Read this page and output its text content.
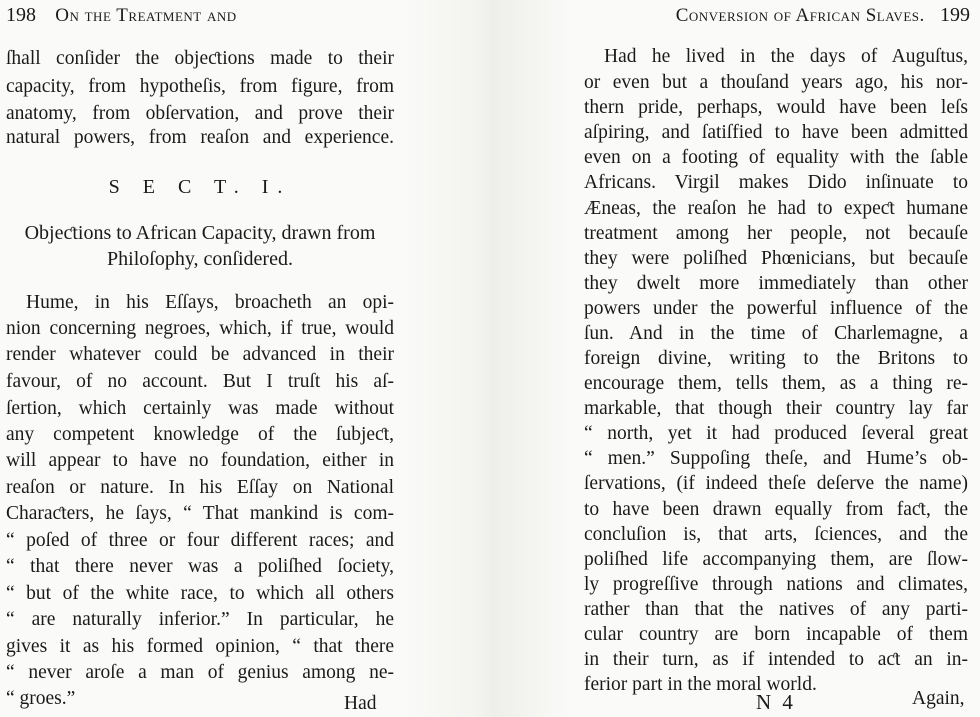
198 On the Treatment and
ſhall conſider the objeƈtions made to their
capacity, from hypotheſis, from figure, from
anatomy, from obſervation, and prove their
natural powers, from reaſon and experience.
S E C T. I.
Objeƈtions to African Capacity, drawn from
Philoſophy, conſidered.
Hume, in his Eſſays, broacheth an opi-
nion concerning negroes, which, if true, would
render whatever could be advanced in their
favour, of no account. But I truſt his aſ-
ſertion, which certainly was made without
any competent knowledge of the ſubjeƈt,
will appear to have no foundation, either in
reaſon or nature. In his Eſſay on National
Charaƈters, he ſays, “ That mankind is com-
“ poſed of three or four different races; and
“ that there never was a poliſhed ſociety,
“ but of the white race, to which all others
“ are naturally inferior.” In particular, he
gives it as his formed opinion, “ that there
“ never aroſe a man of genius among ne-
“ groes.”	Had
Conversion of African Slaves. 199
Had he lived in the days of Auguſtus,
or even but a thouſand years ago, his nor-
thern pride, perhaps, would have been leſs
aſpiring, and ſatiſfied to have been admitted
even on a footing of equality with the ſable
Africans. Virgil makes Dido inſinuate to
Æneas, the reaſon he had to expeƈt humane
treatment among her people, not becauſe
they were poliſhed Phœnicians, but becauſe
they dwelt more immediately than other
powers under the powerful influence of the
ſun. And in the time of Charlemagne, a
foreign divine, writing to the Britons to
encourage them, tells them, as a thing re-
markable, that though their country lay far
“ north, yet it had produced ſeveral great
“ men.” Suppoſing theſe, and Hume’s ob-
ſervations, (if indeed theſe deſerve the name)
to have been drawn equally from faƈt, the
concluſion is, that arts, ſciences, and the
poliſhed life accompanying them, are ſlow-
ly progreſſive through nations and climates,
rather than that the natives of any parti-
cular country are born incapable of them
in their turn, as if intended to aƈt an in-
ferior part in the moral world.
N 4	Again,
